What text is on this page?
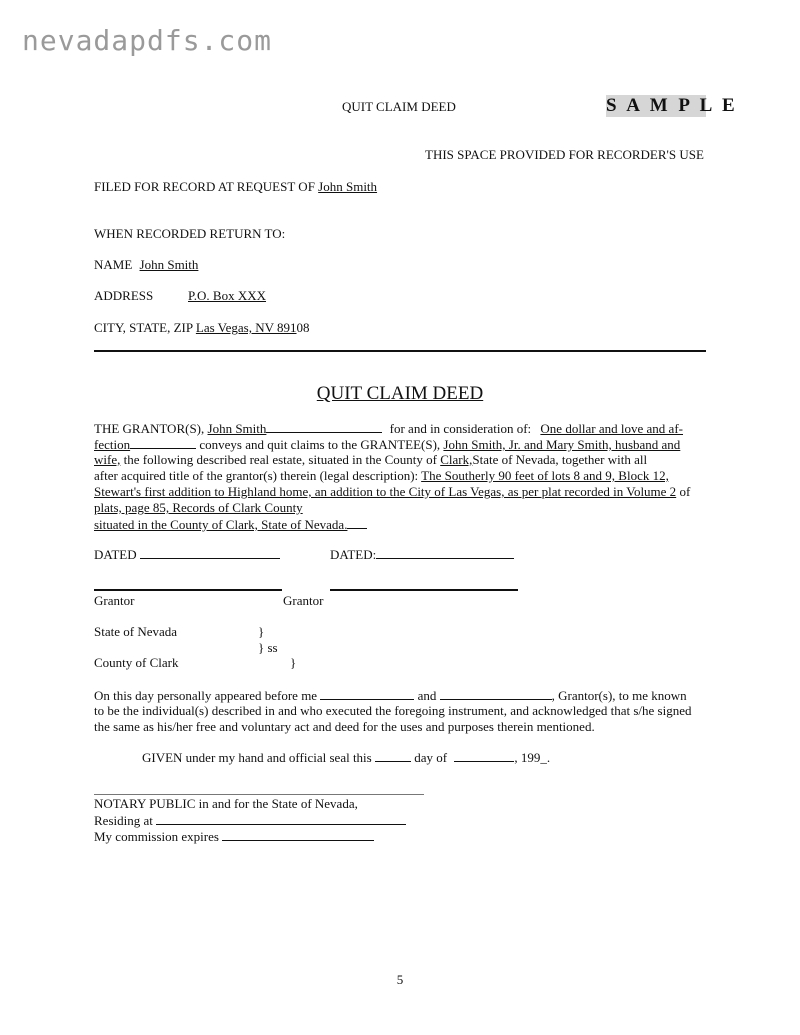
nevadapdfs.com
QUIT CLAIM DEED	S A M P L E
THIS SPACE PROVIDED FOR RECORDER'S USE
FILED FOR RECORD AT REQUEST OF John Smith
WHEN RECORDED RETURN TO:
NAME John Smith
ADDRESS	P.O. Box XXX
CITY, STATE, ZIP Las Vegas, NV 89108
QUIT CLAIM DEED
THE GRANTOR(S), John Smith	for and in consideration of: One dollar and love and af-
fection	conveys and quit claims to the GRANTEE(S), John Smith, Jr. and Mary Smith, husband and
wife, the following described real estate, situated in the County of Clark,State of Nevada, together with all
after acquired title of the grantor(s) therein (legal description): The Southerly 90 feet of lots 8 and 9, Block 12,
Stewart's first addition to Highland home, an addition to the City of Las Vegas, as per plat recorded in Volume 2 of
plats, page 85, Records of Clark County
situated in the County of Clark, State of Nevada.
DATED	DATED:
Grantor	Grantor
State of Nevada	}
} ss
County of Clark	}
On this day personally appeared before me	and	, Grantor(s), to me known
to be the individual(s) described in and who executed the foregoing instrument, and acknowledged that s/he signed
the same as his/her free and voluntary act and deed for the uses and purposes therein mentioned.
GIVEN under my hand and official seal this	day of	, 199_.
NOTARY PUBLIC in and for the State of Nevada,
Residing at
My commission expires
5
